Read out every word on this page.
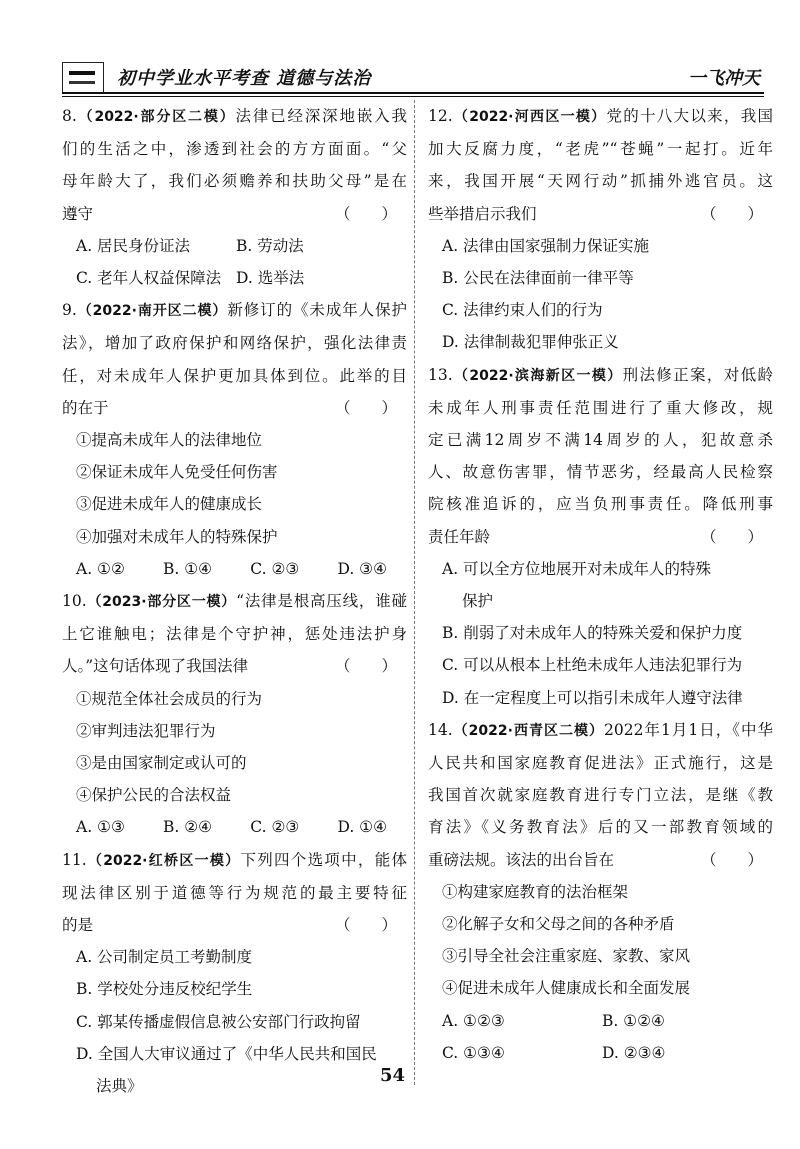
初中学业水平考查 道德与法治	一飞冲天
8.（2022·部分区二模）法律已经深深地嵌入我
们的生活之中，渗透到社会的方方面面。“父
母年龄大了，我们必须赡养和扶助父母”是在
遵守	（　　）
A. 居民身份证法	B. 劳动法
C. 老年人权益保障法 D. 选举法
9.（2022·南开区二模）新修订的《未成年人保护
法》，增加了政府保护和网络保护，强化法律责
任，对未成年人保护更加具体到位。此举的目
的在于	（　　）
①提高未成年人的法律地位
②保证未成年人免受任何伤害
③促进未成年人的健康成长
④加强对未成年人的特殊保护
A. ①② B. ①④ C. ②③ D. ③④
10.（2023·部分区一模）“法律是根高压线，谁碰
上它谁触电；法律是个守护神，惩处违法护身
人。”这句话体现了我国法律	（　　）
①规范全体社会成员的行为
②审判违法犯罪行为
③是由国家制定或认可的
④保护公民的合法权益
A. ①③ B. ②④ C. ②③ D. ①④
11.（2022·红桥区一模）下列四个选项中，能体
现法律区别于道德等行为规范的最主要特征
的是	（　　）
A. 公司制定员工考勤制度
B. 学校处分违反校纪学生
C. 郭某传播虚假信息被公安部门行政拘留
D. 全国人大审议通过了《中华人民共和国民
法典》
12.（2022·河西区一模）党的十八大以来，我国
加大反腐力度，“老虎”“苍蝇”一起打。近年
来，我国开展“天网行动”抓捕外逃官员。这
些举措启示我们	（　　）
A. 法律由国家强制力保证实施
B. 公民在法律面前一律平等
C. 法律约束人们的行为
D. 法律制裁犯罪伸张正义
13.（2022·滨海新区一模）刑法修正案，对低龄
未成年人刑事责任范围进行了重大修改，规
定已满12周岁不满14周岁的人，犯故意杀
人、故意伤害罪，情节恶劣，经最高人民检察
院核准追诉的，应当负刑事责任。降低刑事
责任年龄	（　　）
A. 可以全方位地展开对未成年人的特殊
保护
B. 削弱了对未成年人的特殊关爱和保护力度
C. 可以从根本上杜绝未成年人违法犯罪行为
D. 在一定程度上可以指引未成年人遵守法律
14.（2022·西青区二模）2022年1月1日，《中华
人民共和国家庭教育促进法》正式施行，这是
我国首次就家庭教育进行专门立法，是继《教
育法》《义务教育法》后的又一部教育领域的
重磅法规。该法的出台旨在	（　　）
①构建家庭教育的法治框架
②化解子女和父母之间的各种矛盾
③引导全社会注重家庭、家教、家风
④促进未成年人健康成长和全面发展
A. ①②③	B. ①②④
C. ①③④	D. ②③④
54
